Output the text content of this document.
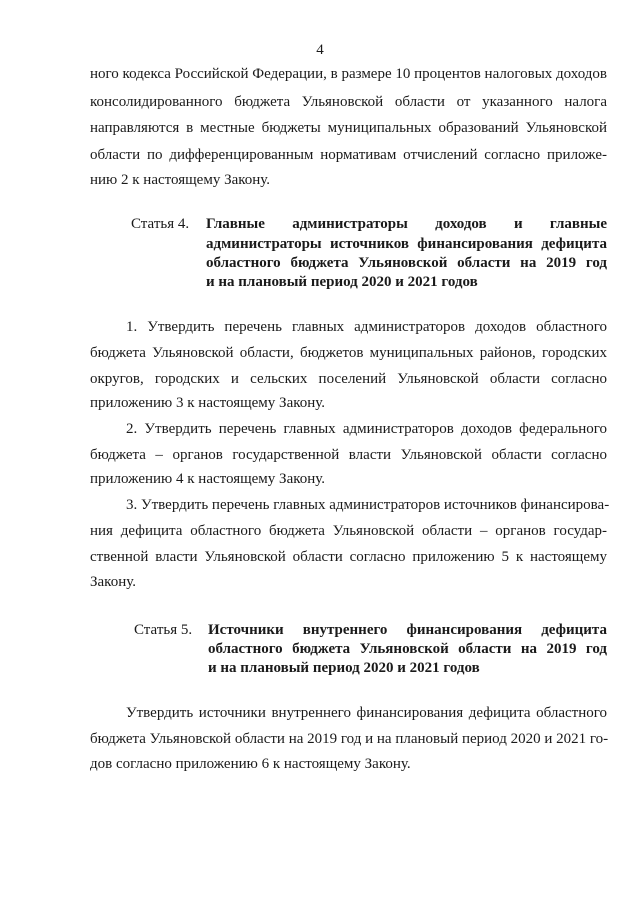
4
ного кодекса Российской Федерации, в размере 10 процентов налоговых доходов
консолидированного бюджета Ульяновской области от указанного налога
направляются в местные бюджеты муниципальных образований Ульяновской
области по дифференцированным нормативам отчислений согласно приложе-
нию 2 к настоящему Закону.
Статья 4. Главные администраторы доходов и главные
администраторы источников финансирования дефицита
областного бюджета Ульяновской области на 2019 год
и на плановый период 2020 и 2021 годов
1. Утвердить перечень главных администраторов доходов областного
бюджета Ульяновской области, бюджетов муниципальных районов, городских
округов, городских и сельских поселений Ульяновской области согласно
приложению 3 к настоящему Закону.
2. Утвердить перечень главных администраторов доходов федерального
бюджета – органов государственной власти Ульяновской области согласно
приложению 4 к настоящему Закону.
3. Утвердить перечень главных администраторов источников финансирова-
ния дефицита областного бюджета Ульяновской области – органов государ-
ственной власти Ульяновской области согласно приложению 5 к настоящему
Закону.
Статья 5. Источники внутреннего финансирования дефицита
областного бюджета Ульяновской области на 2019 год
и на плановый период 2020 и 2021 годов
Утвердить источники внутреннего финансирования дефицита областного
бюджета Ульяновской области на 2019 год и на плановый период 2020 и 2021 го-
дов согласно приложению 6 к настоящему Закону.
